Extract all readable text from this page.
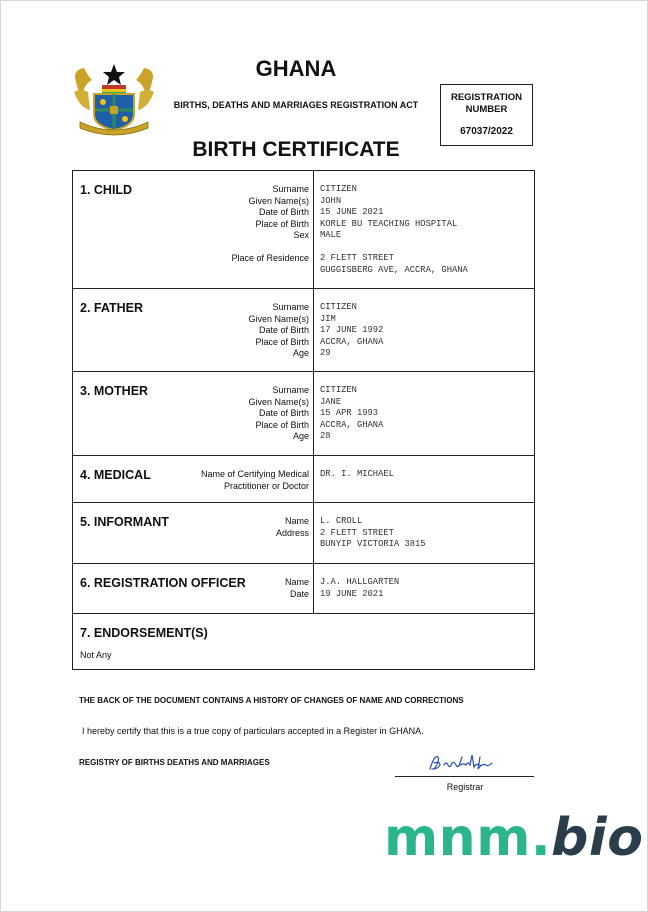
GHANA
BIRTHS, DEATHS AND MARRIAGES REGISTRATION ACT
BIRTH CERTIFICATE
REGISTRATION
NUMBER
67037/2022
1. CHILD	Surname	CITIZEN
Given Name(s)	JOHN
Date of Birth	15 JUNE 2021
Place of Birth	KORLE BU TEACHING HOSPITAL
Sex	MALE
Place of Residence	2 FLETT STREET
GUGGISBERG AVE, ACCRA, GHANA
2. FATHER	Surname	CITIZEN
Given Name(s)	JIM
Date of Birth	17 JUNE 1992
Place of Birth	ACCRA, GHANA
Age	29
3. MOTHER	Surname	CITIZEN
Given Name(s)	JANE
Date of Birth	15 APR 1993
Place of Birth	ACCRA, GHANA
Age	28
4. MEDICAL	Name of Certifying Medical	DR. I. MICHAEL
Practitioner or Doctor
5. INFORMANT	Name	L. CROLL
Address	2 FLETT STREET
BUNYIP VICTORIA 3815
6. REGISTRATION OFFICER	Name	J.A. HALLGARTEN
Date	19 JUNE 2021
7. ENDORSEMENT(S)
Not Any
THE BACK OF THE DOCUMENT CONTAINS A HISTORY OF CHANGES OF NAME AND CORRECTIONS
I hereby certify that this is a true copy of particulars accepted in a Register in GHANA.
REGISTRY OF BIRTHS DEATHS AND MARRIAGES
Registrar
mnm.bio
